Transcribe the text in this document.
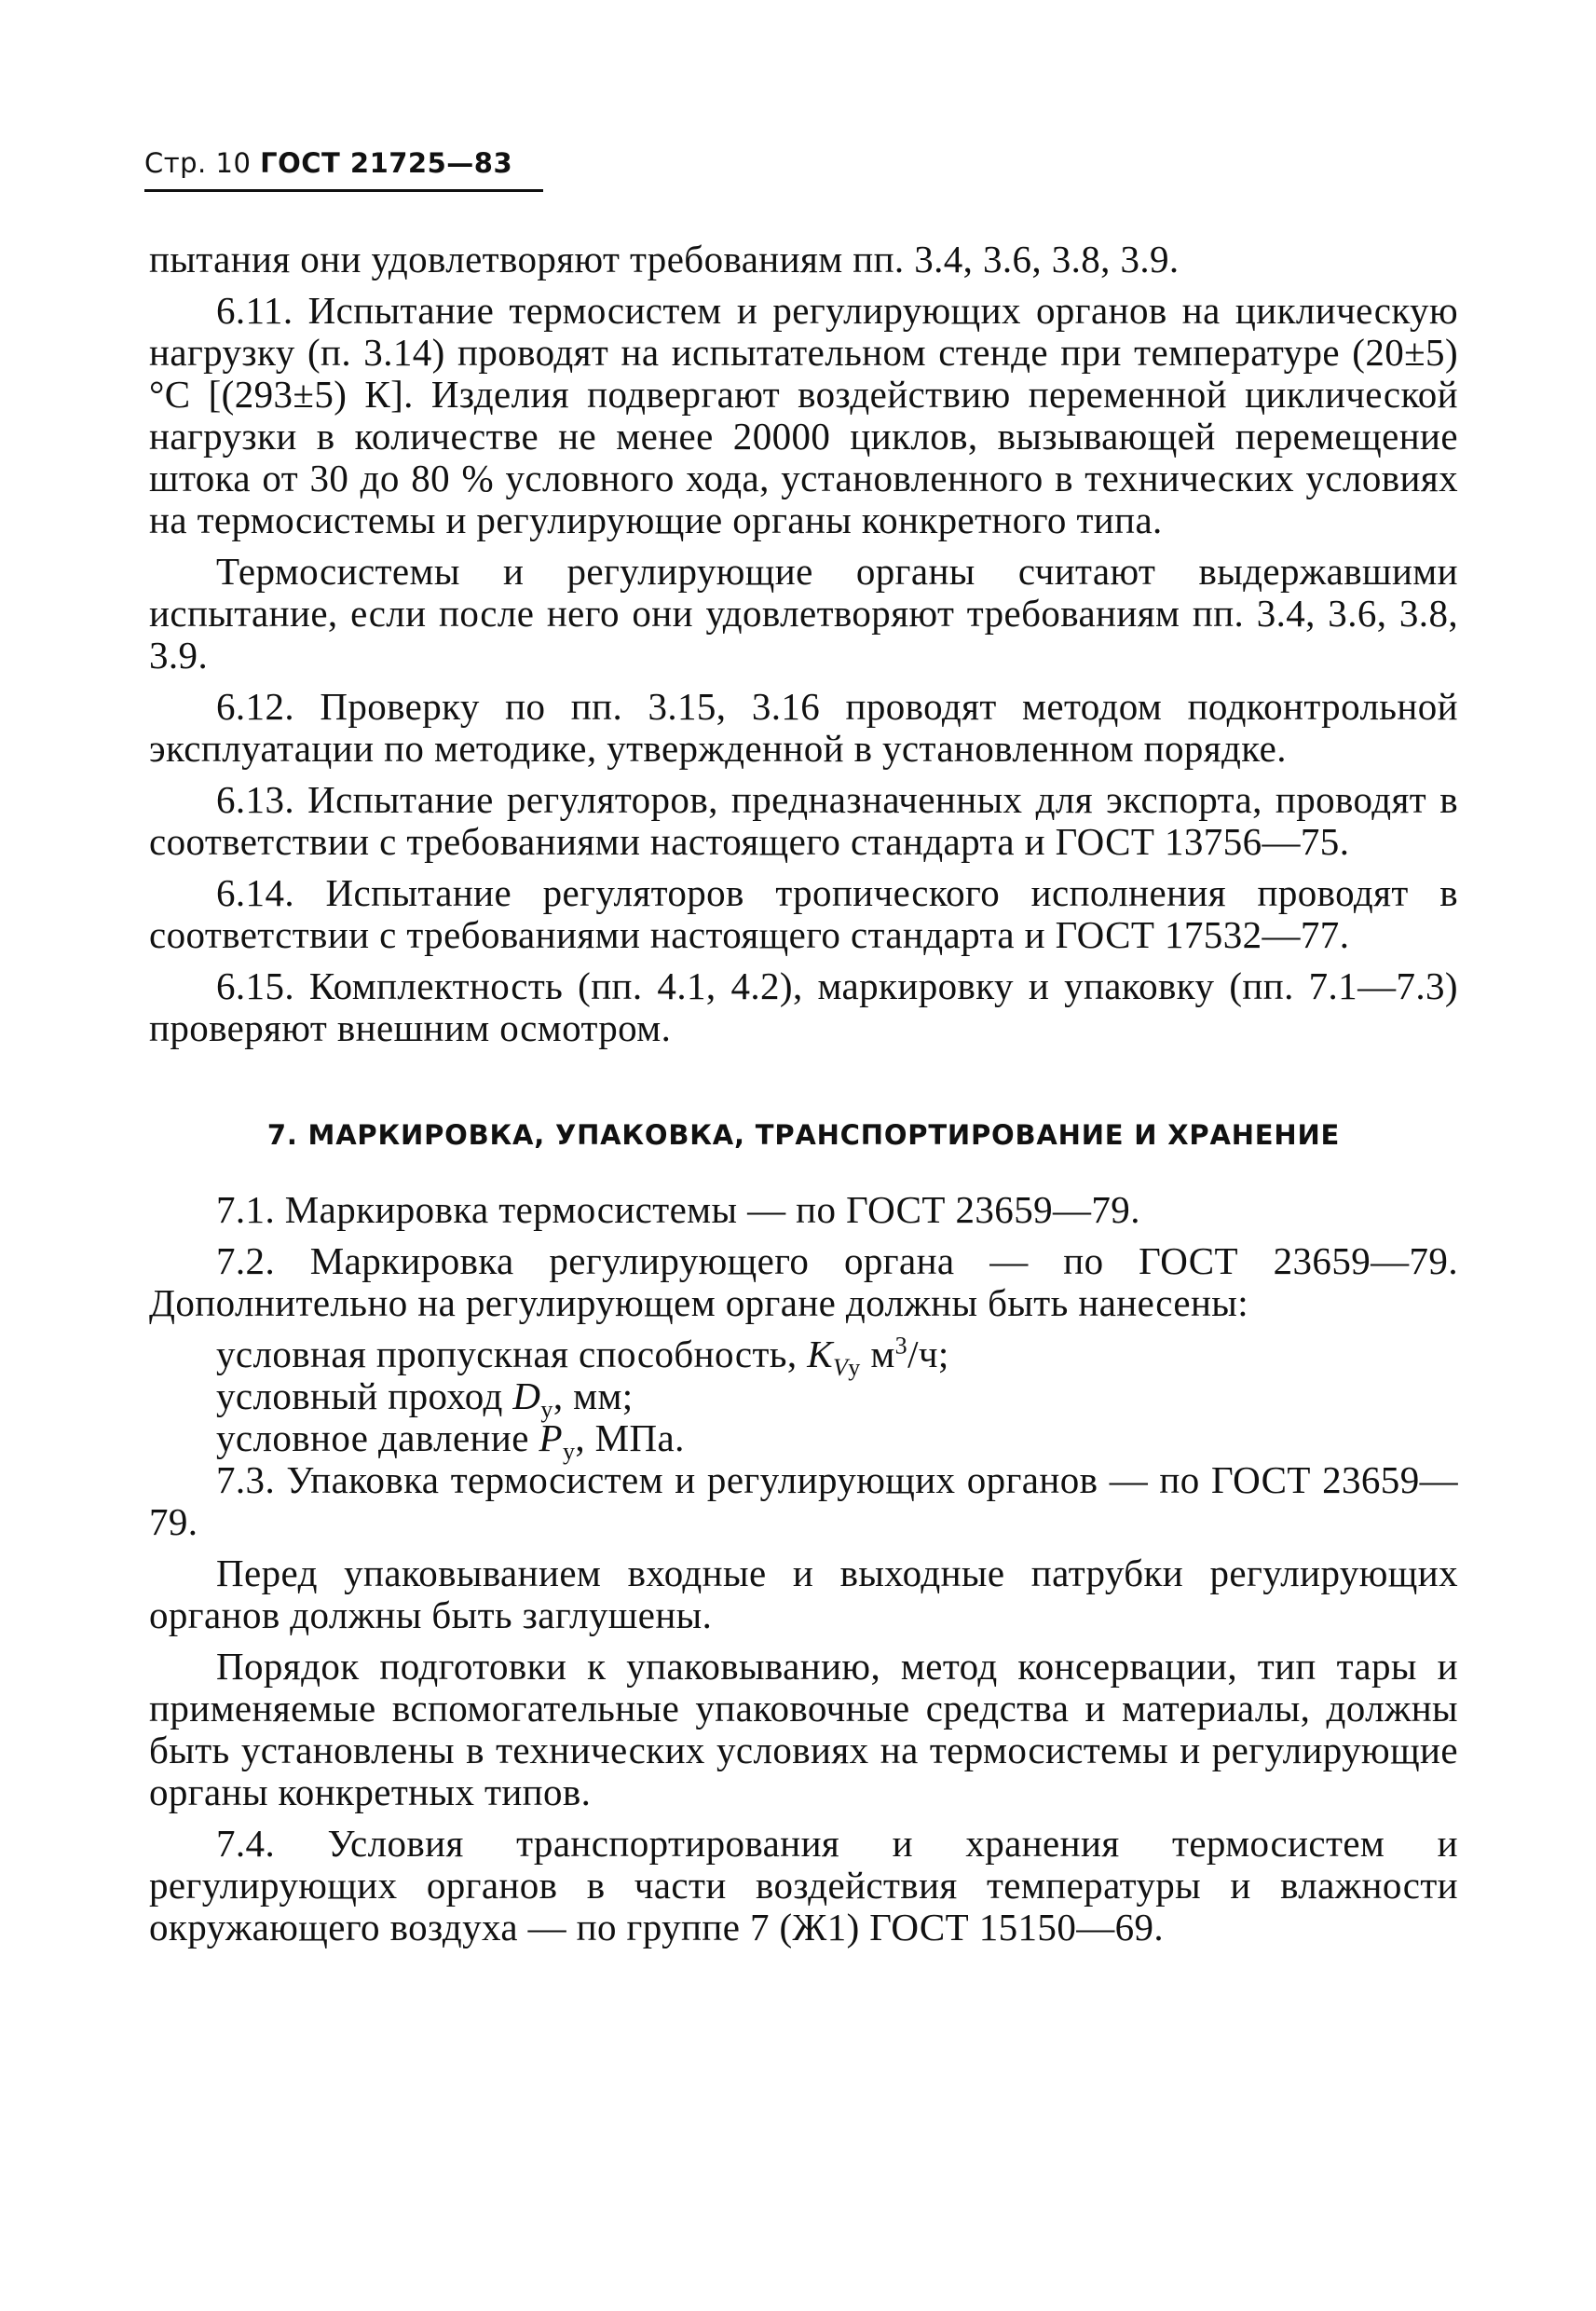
Стр. 10 ГОСТ 21725—83

пытания они удовлетворяют требованиям пп. 3.4, 3.6, 3.8, 3.9.

6.11. Испытание термосистем и регулирующих органов на циклическую нагрузку (п. 3.14) проводят на испытательном стенде при температуре (20±5) °С [(293±5) К]. Изделия подвергают воздействию переменной циклической нагрузки в количестве не менее 20000 циклов, вызывающей перемещение штока от 30 до 80 % условного хода, установленного в технических условиях на термосистемы и регулирующие органы конкретного типа.

Термосистемы и регулирующие органы считают выдержавшими испытание, если после него они удовлетворяют требованиям пп. 3.4, 3.6, 3.8, 3.9.

6.12. Проверку по пп. 3.15, 3.16 проводят методом подконтрольной эксплуатации по методике, утвержденной в установленном порядке.

6.13. Испытание регуляторов, предназначенных для экспорта, проводят в соответствии с требованиями настоящего стандарта и ГОСТ 13756—75.

6.14. Испытание регуляторов тропического исполнения проводят в соответствии с требованиями настоящего стандарта и ГОСТ 17532—77.

6.15. Комплектность (пп. 4.1, 4.2), маркировку и упаковку (пп. 7.1—7.3) проверяют внешним осмотром.

7. МАРКИРОВКА, УПАКОВКА, ТРАНСПОРТИРОВАНИЕ И ХРАНЕНИЕ

7.1. Маркировка термосистемы — по ГОСТ 23659—79.

7.2. Маркировка регулирующего органа — по ГОСТ 23659—79. Дополнительно на регулирующем органе должны быть нанесены:

условная пропускная способность, $K_{Vу}$ $м^3/ч$;

условный проход $D_у$, мм;

условное давление $P_у$, МПа.

7.3. Упаковка термосистем и регулирующих органов — по ГОСТ 23659—79.

Перед упаковыванием входные и выходные патрубки регулирующих органов должны быть заглушены.

Порядок подготовки к упаковыванию, метод консервации, тип тары и применяемые вспомогательные упаковочные средства и материалы, должны быть установлены в технических условиях на термосистемы и регулирующие органы конкретных типов.

7.4. Условия транспортирования и хранения термосистем и регулирующих органов в части воздействия температуры и влажности окружающего воздуха — по группе 7 (Ж1) ГОСТ 15150—69.
